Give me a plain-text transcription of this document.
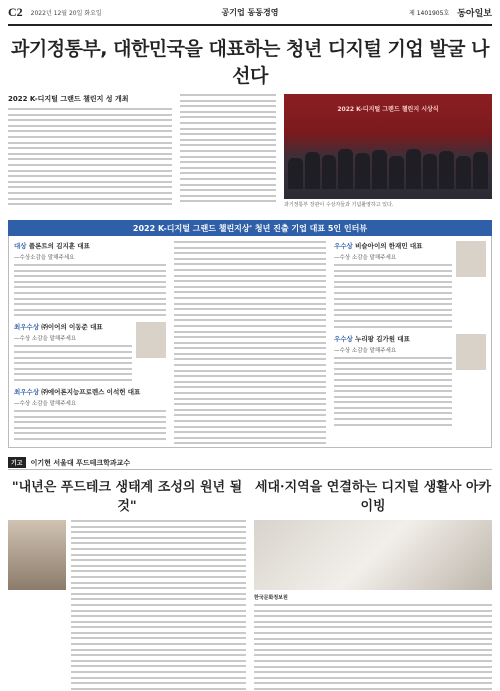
C2 2022년 12월 20일 화요일	공기업 동동경영	제 1401905호 동아일보
과기정통부, 대한민국을 대표하는 청년 디지털 기업 발굴 나선다
2022 K-디지털 그랜드 챌린지 성 개최
2022 K-디지털 그랜드 챌린지 시상식
과기정통부 장관이 수상자들과 기념촬영하고 있다.
2022 K-디지털 그랜드 챌린지상' 청년 진출 기업 대표 5인 인터뷰
대상 플론트의 김지훈 대표
—수상소감을 말해주세요
최우수상 ㈜이어의 이동준 대표
—수상 소감을 말해주세요
최우수상 ㈜에어론지능프로렌스 이석헌 대표
—수상 소감을 말해주세요
우수상 비슬아이의 한재민 대표
—수상 소감을 말해주세요
우수상 누리팡 김가원 대표
—수상 소감을 말해주세요
기고	이기현 서울대 푸드테크학과교수
"내년은 푸드테크 생태계 조성의 원년 될 것"
세대·지역을 연결하는 디지털 생활사 아카이빙
한국문화정보원
